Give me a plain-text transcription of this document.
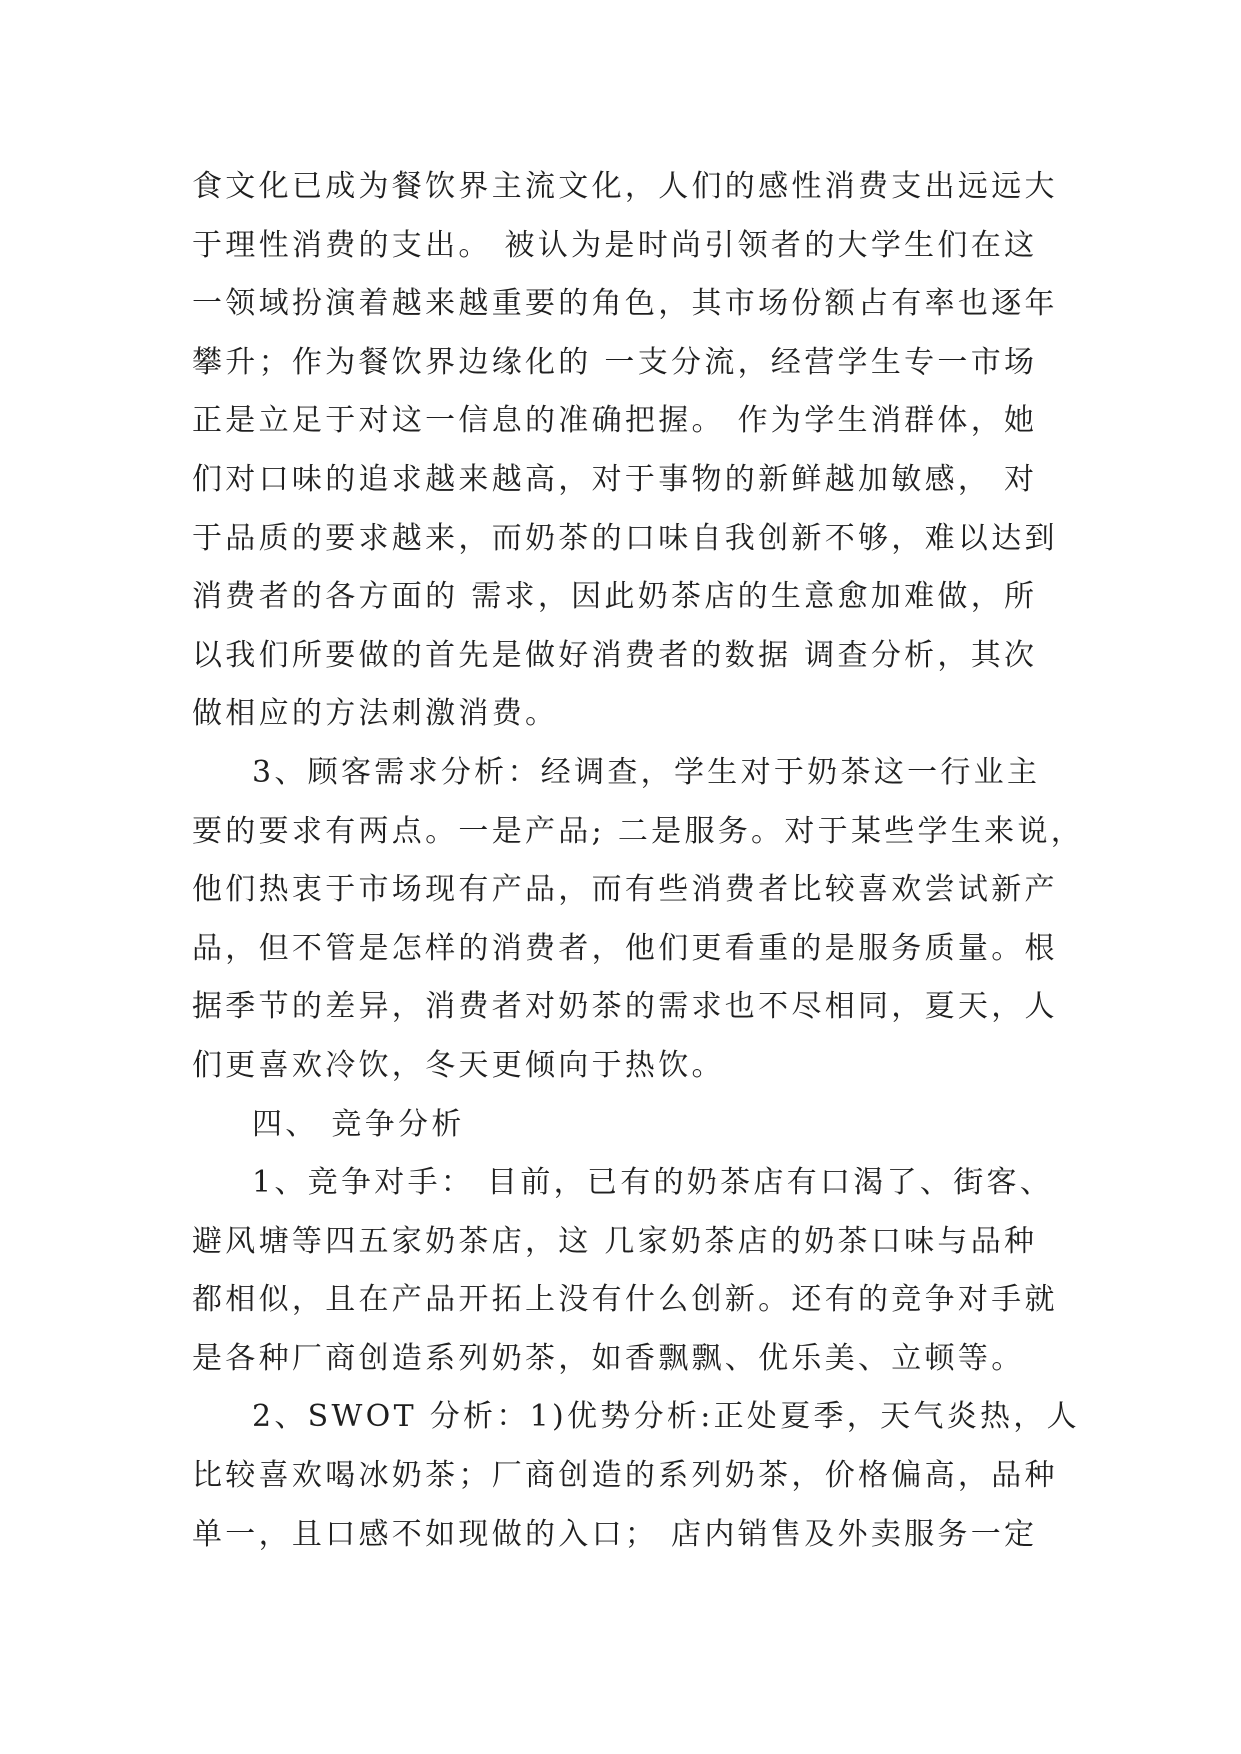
食文化已成为餐饮界主流文化，人们的感性消费支出远远大
于理性消费的支出。 被认为是时尚引领者的大学生们在这
一领域扮演着越来越重要的角色，其市场份额占有率也逐年
攀升；作为餐饮界边缘化的 一支分流，经营学生专一市场
正是立足于对这一信息的准确把握。 作为学生消群体，她
们对口味的追求越来越高，对于事物的新鲜越加敏感， 对
于品质的要求越来，而奶茶的口味自我创新不够，难以达到
消费者的各方面的 需求，因此奶茶店的生意愈加难做，所
以我们所要做的首先是做好消费者的数据 调查分析，其次
做相应的方法刺激消费。
3、顾客需求分析：经调查，学生对于奶茶这一行业主
要的要求有两点。一是产品; 二是服务。对于某些学生来说，
他们热衷于市场现有产品，而有些消费者比较喜欢尝试新产
品，但不管是怎样的消费者，他们更看重的是服务质量。根
据季节的差异，消费者对奶茶的需求也不尽相同，夏天，人
们更喜欢冷饮，冬天更倾向于热饮。
四、 竞争分析
1、竞争对手： 目前，已有的奶茶店有口渴了、街客、
避风塘等四五家奶茶店，这 几家奶茶店的奶茶口味与品种
都相似，且在产品开拓上没有什么创新。还有的竞争对手就
是各种厂商创造系列奶茶，如香飘飘、优乐美、立顿等。
2、SWOT 分析：1)优势分析:正处夏季，天气炎热，人
比较喜欢喝冰奶茶；厂商创造的系列奶茶，价格偏高，品种
单一，且口感不如现做的入口； 店内销售及外卖服务一定
